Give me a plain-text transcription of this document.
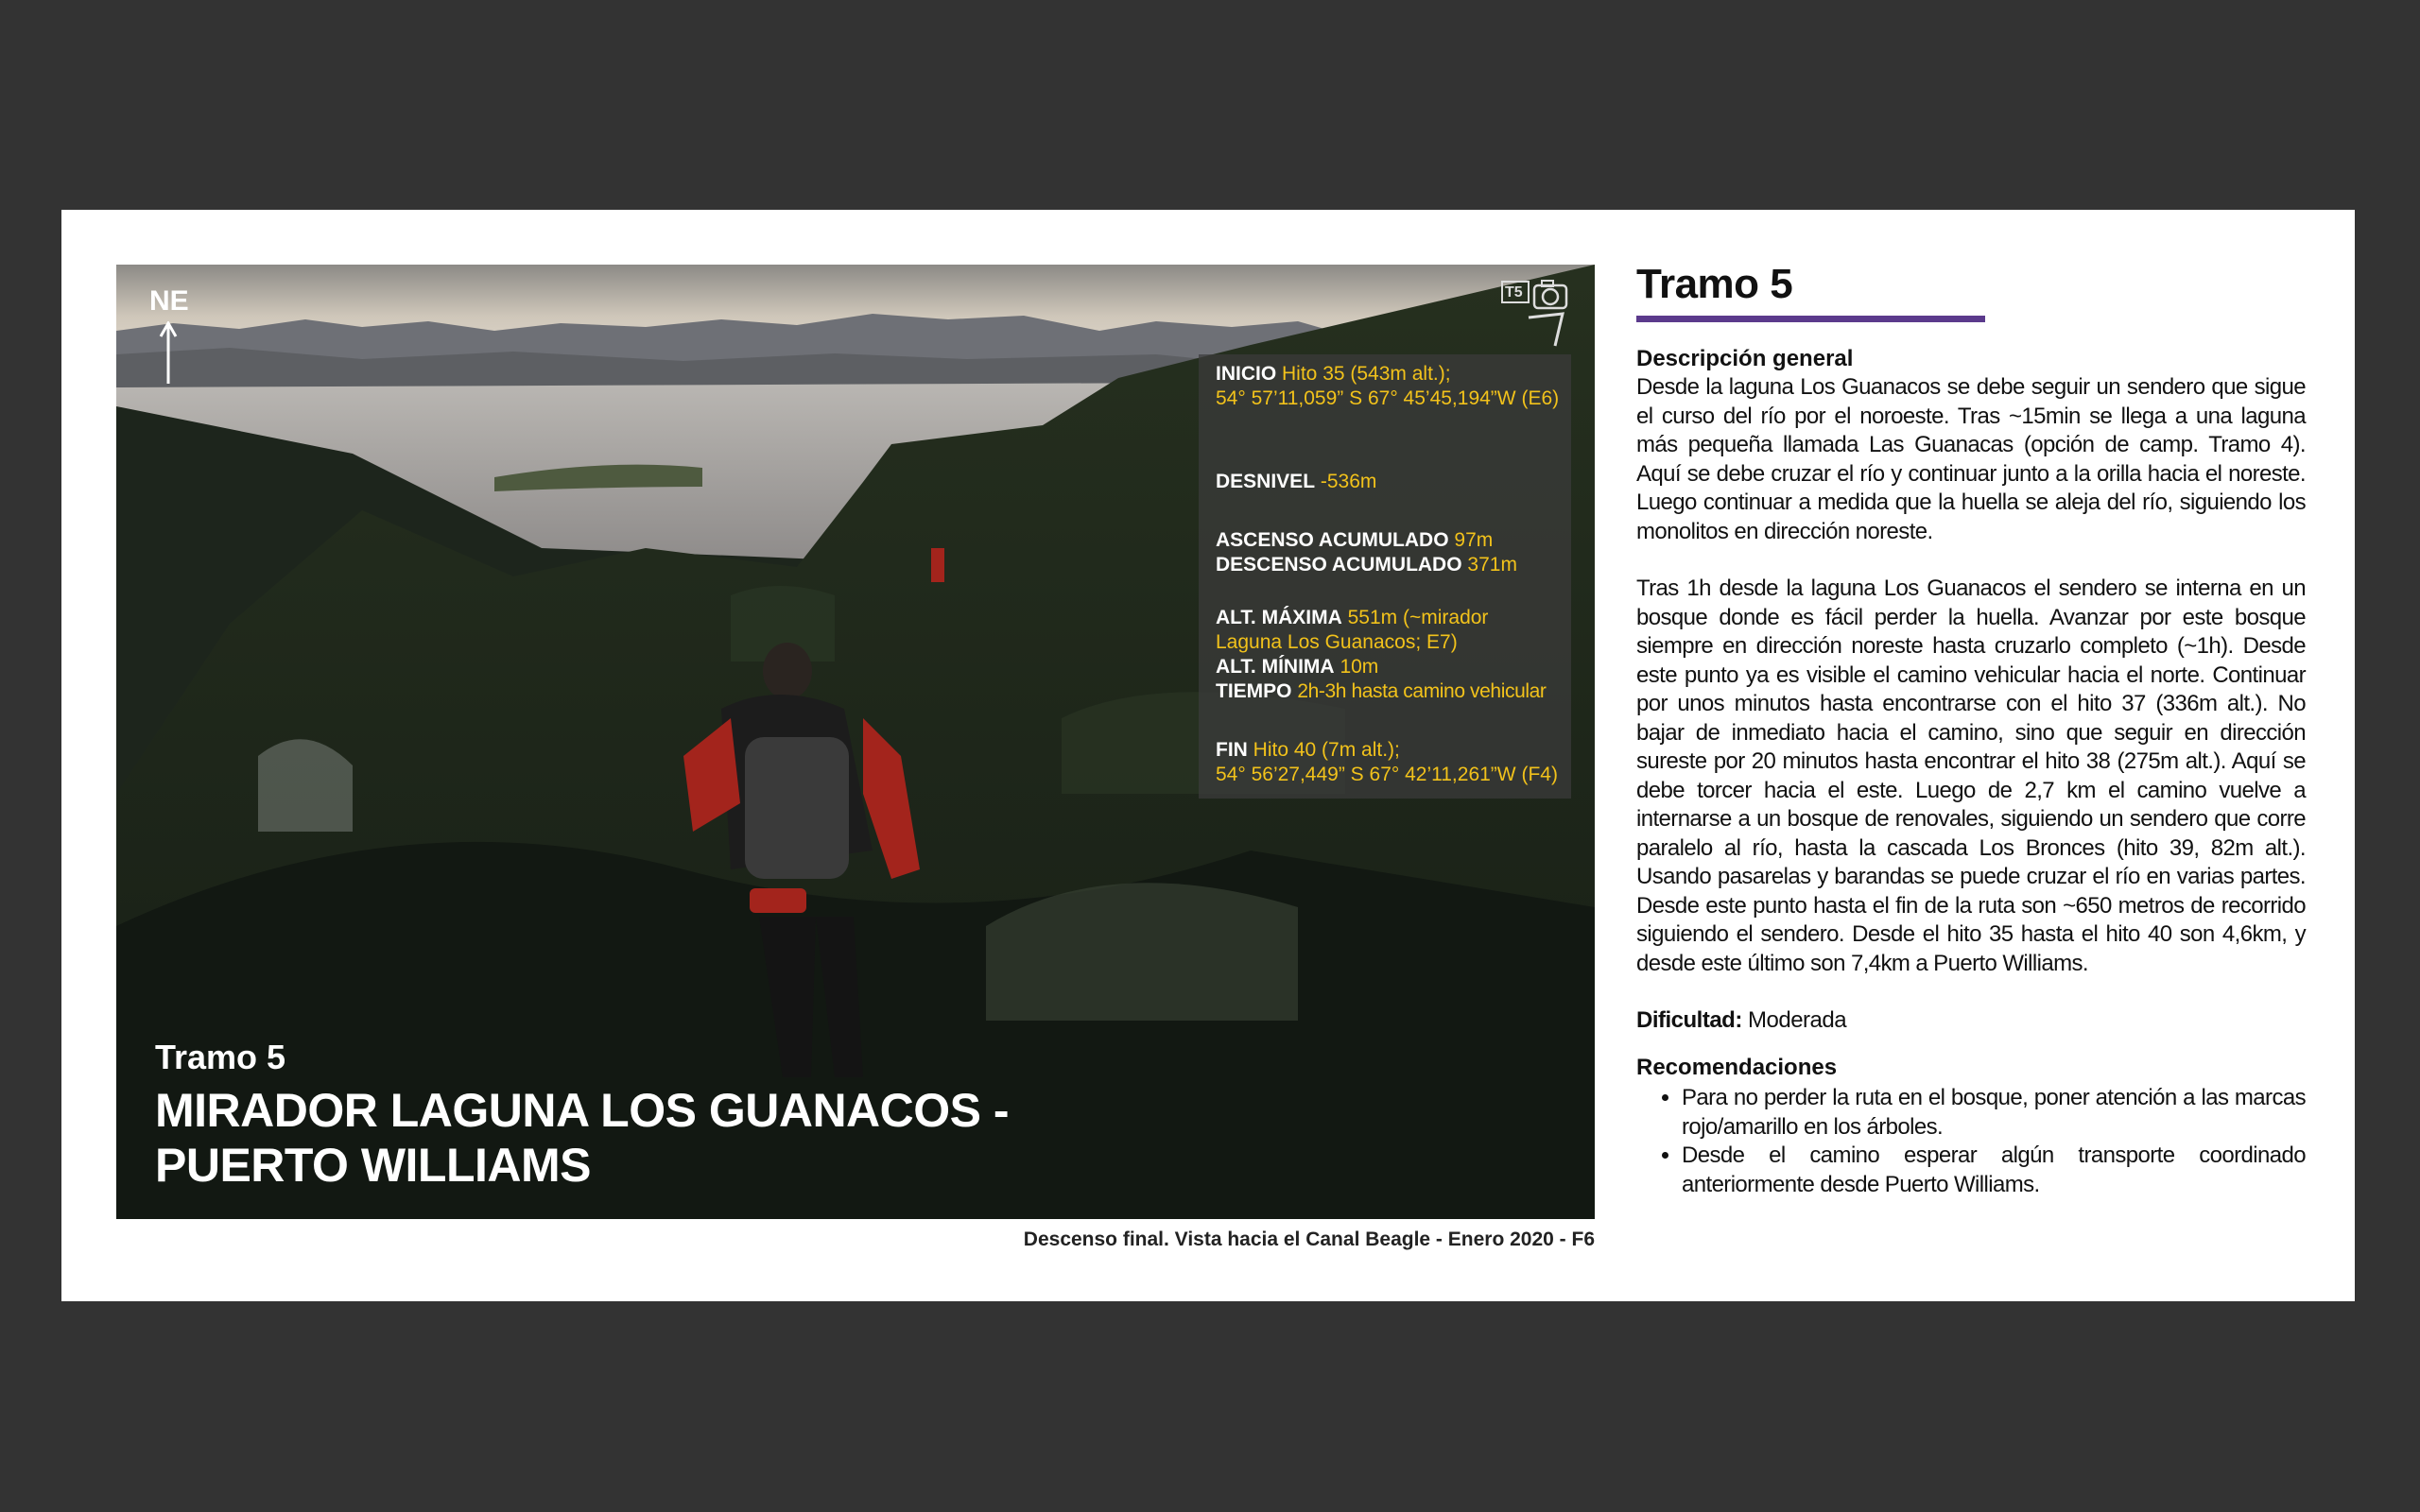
NE	T5
INICIO Hito 35 (543m alt.);
54° 57’11,059” S 67° 45’45,194”W (E6)
DESNIVEL -536m
ASCENSO ACUMULADO 97m
DESCENSO ACUMULADO 371m
ALT. MÁXIMA 551m (~mirador
Laguna Los Guanacos; E7)
ALT. MÍNIMA 10m
TIEMPO 2h-3h hasta camino vehicular
FIN Hito 40 (7m alt.);
54° 56’27,449” S 67° 42’11,261”W (F4)
Tramo 5
MIRADOR LAGUNA LOS GUANACOS -
PUERTO WILLIAMS
Descenso final. Vista hacia el Canal Beagle - Enero 2020 - F6
Tramo 5
Descripción general

Desde la laguna Los Guanacos se debe seguir un sendero que sigue el curso del río por el noroeste. Tras ~15min se llega a una laguna más pequeña llamada Las Guanacas (opción de camp. Tramo 4). Aquí se debe cruzar el río y continuar junto a la orilla hacia el noreste. Luego continuar a medida que la huella se aleja del río, siguiendo los monolitos en dirección noreste.

Tras 1h desde la laguna Los Guanacos el sendero se interna en un bosque donde es fácil perder la huella. Avanzar por este bosque siempre en dirección noreste hasta cruzarlo completo (~1h). Desde este punto ya es visible el camino vehicular hacia el norte. Continuar por unos minutos hasta encontrarse con el hito 37 (336m alt.). No bajar de inmediato hacia el camino, sino que seguir en dirección sureste por 20 minutos hasta encontrar el hito 38 (275m alt.). Aquí se debe torcer hacia el este. Luego de 2,7 km el camino vuelve a internarse a un bosque de renovales, siguiendo un sendero que corre paralelo al río, hasta la cascada Los Bronces (hito 39, 82m alt.). Usando pasarelas y barandas se puede cruzar el río en varias partes. Desde este punto hasta el fin de la ruta son ~650 metros de recorrido siguiendo el sendero. Desde el hito 35 hasta el hito 40 son 4,6km, y desde este último son 7,4km a Puerto Williams.

Dificultad: Moderada
Recomendaciones
• Para no perder la ruta en el bosque, poner atención a las marcas rojo/amarillo en los árboles.
• Desde el camino esperar algún transporte coordinado anteriormente desde Puerto Williams.
